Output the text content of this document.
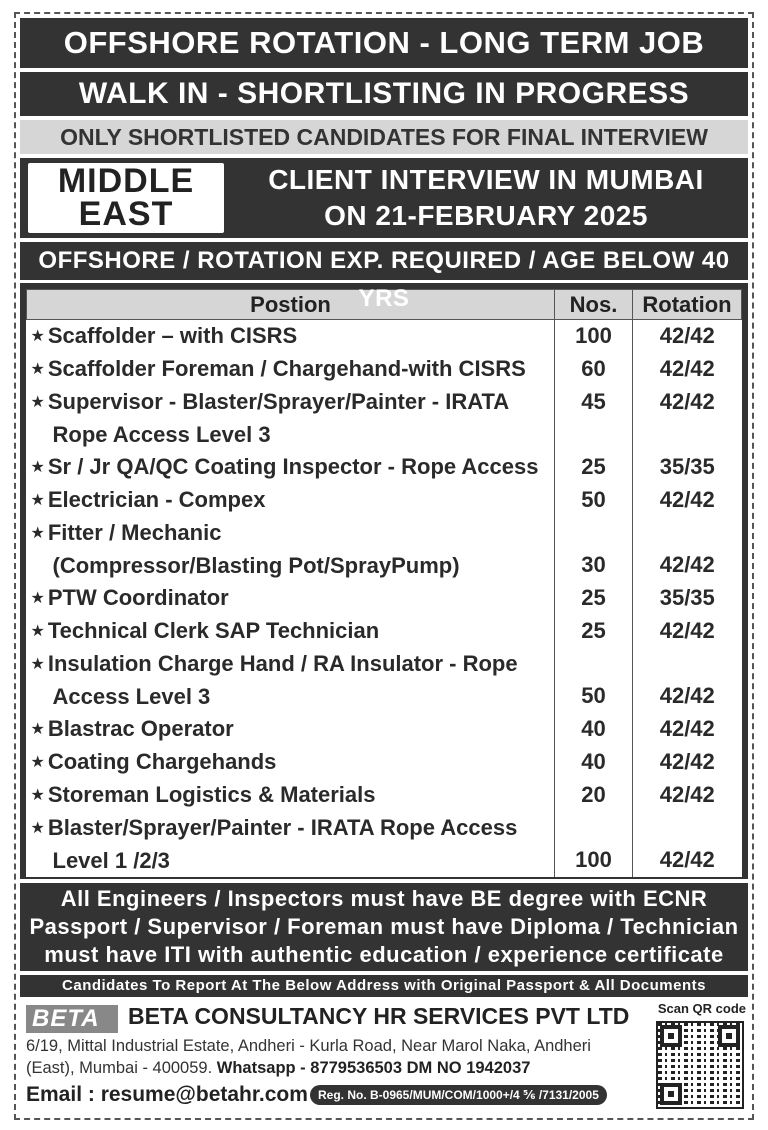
OFFSHORE ROTATION - LONG TERM JOB
WALK IN - SHORTLISTING IN PROGRESS
ONLY SHORTLISTED CANDIDATES FOR FINAL INTERVIEW
MIDDLE
EAST
CLIENT INTERVIEW IN MUMBAI
ON 21-FEBRUARY 2025
OFFSHORE / ROTATION EXP. REQUIRED / AGE BELOW 40 YRS
Postion	Nos.	Rotation

★ Scaffolder – with CISRS	100	42/42

★ Scaffolder Foreman / Chargehand-with CISRS	60	42/42

★ Supervisor - Blaster/Sprayer/Painter - IRATA
Rope Access Level 3	45	42/42

★ Sr / Jr QA/QC Coating Inspector - Rope Access	25	35/35

★ Electrician - Compex	50	42/42

★ Fitter / Mechanic
(Compressor/Blasting Pot/SprayPump)	30	42/42

★ PTW Coordinator	25	35/35

★ Technical Clerk SAP Technician	25	42/42

★ Insulation Charge Hand / RA Insulator - Rope
Access Level 3	50	42/42

★ Blastrac Operator	40	42/42

★ Coating Chargehands	40	42/42

★ Storeman Logistics & Materials	20	42/42

★ Blaster/Sprayer/Painter - IRATA Rope Access
Level 1 /2/3	100	42/42
All Engineers / Inspectors must have BE degree with ECNR
Passport / Supervisor / Foreman must have Diploma / Technician
must have ITI with authentic education / experience certificate
Candidates To Report At The Below Address with Original Passport & All Documents
BETA	BETA CONSULTANCY HR SERVICES PVT LTD
6/19, Mittal Industrial Estate, Andheri - Kurla Road, Near Marol Naka, Andheri
(East), Mumbai - 400059. Whatsapp - 8779536503 DM NO 1942037
Email : resume@betahr.com Reg. No. B-0965/MUM/COM/1000+/4 ⅚ /7131/2005
Scan QR code
